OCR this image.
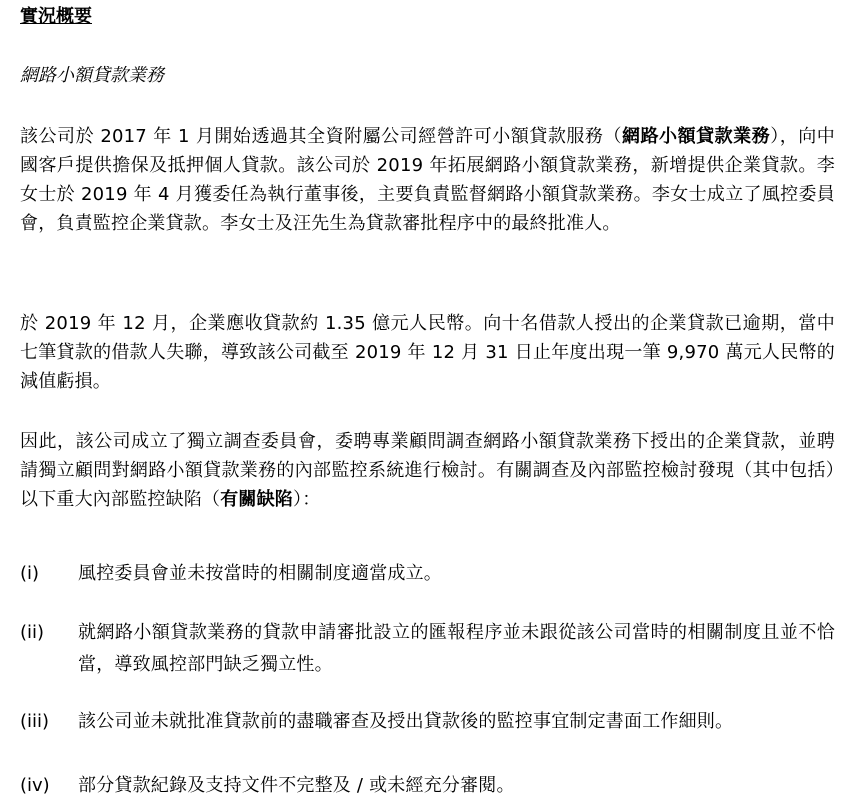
實況概要
網路小額貸款業務
該公司於 2017 年 1 月開始透過其全資附屬公司經營許可小額貸款服務（網路小額貸款業務），向中國客戶提供擔保及抵押個人貸款。該公司於 2019 年拓展網路小額貸款業務，新增提供企業貸款。李女士於 2019 年 4 月獲委任為執行董事後，主要負責監督網路小額貸款業務。李女士成立了風控委員會，負責監控企業貸款。李女士及汪先生為貸款審批程序中的最終批准人。
於 2019 年 12 月，企業應收貸款約 1.35 億元人民幣。向十名借款人授出的企業貸款已逾期，當中七筆貸款的借款人失聯，導致該公司截至 2019 年 12 月 31 日止年度出現一筆 9,970 萬元人民幣的減值虧損。
因此，該公司成立了獨立調查委員會，委聘專業顧問調查網路小額貸款業務下授出的企業貸款，並聘請獨立顧問對網路小額貸款業務的內部監控系統進行檢討。有關調查及內部監控檢討發現（其中包括）以下重大內部監控缺陷（有關缺陷）：
(i)	風控委員會並未按當時的相關制度適當成立。
(ii)	就網路小額貸款業務的貸款申請審批設立的匯報程序並未跟從該公司當時的相關制度且並不恰當，導致風控部門缺乏獨立性。
(iii)	該公司並未就批准貸款前的盡職審查及授出貸款後的監控事宜制定書面工作細則。
(iv)	部分貸款紀錄及支持文件不完整及 / 或未經充分審閱。
